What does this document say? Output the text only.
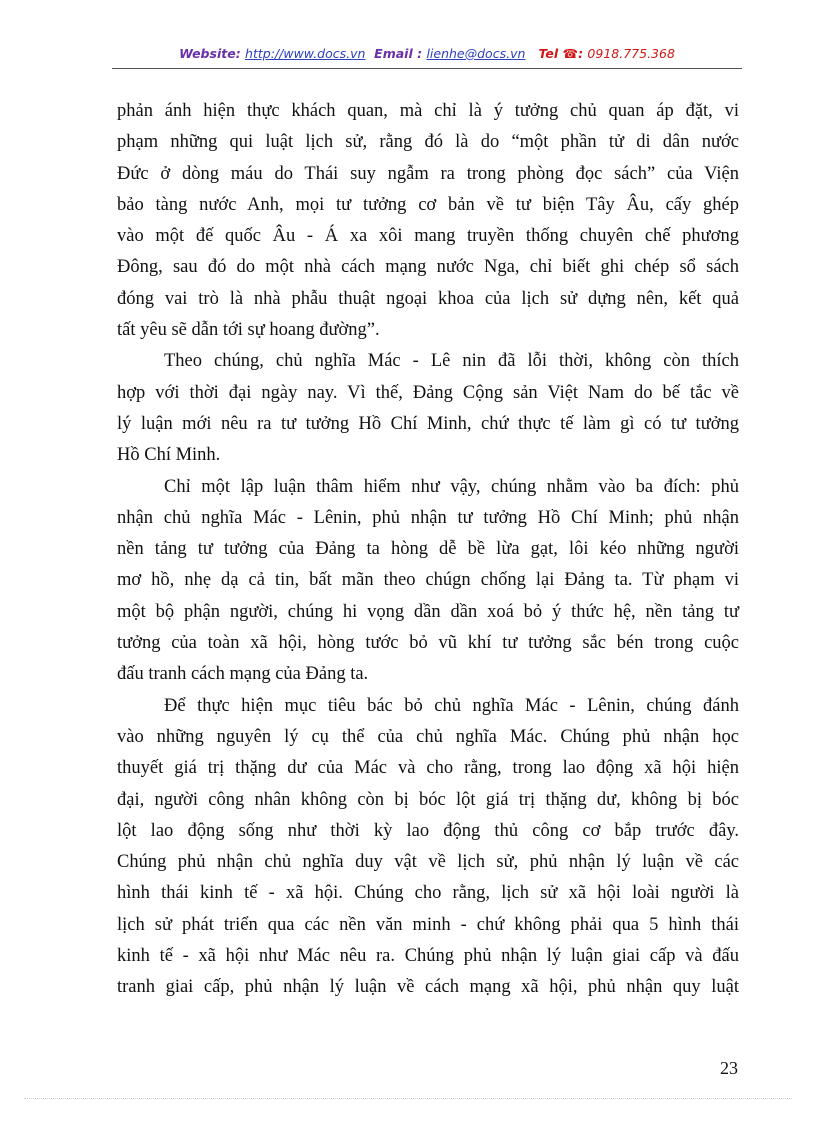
Website: http://www.docs.vn Email : lienhe@docs.vn Tel ☎: 0918.775.368
phản ánh hiện thực khách quan, mà chỉ là ý tưởng chủ quan áp đặt, vi
phạm những qui luật lịch sử, rằng đó là do “một phần tử di dân nước
Đức ở dòng máu do Thái suy ngẫm ra trong phòng đọc sách” của Viện
bảo tàng nước Anh, mọi tư tưởng cơ bản về tư biện Tây Âu, cấy ghép
vào một đế quốc Âu - Á xa xôi mang truyền thống chuyên chế phương
Đông, sau đó do một nhà cách mạng nước Nga, chỉ biết ghi chép sổ sách
đóng vai trò là nhà phẫu thuật ngoại khoa của lịch sử dựng nên, kết quả
tất yêu sẽ dẫn tới sự hoang đường”.
Theo chúng, chủ nghĩa Mác - Lê nin đã lỗi thời, không còn thích
hợp với thời đại ngày nay. Vì thế, Đảng Cộng sản Việt Nam do bế tắc về
lý luận mới nêu ra tư tưởng Hồ Chí Minh, chứ thực tế làm gì có tư tưởng
Hồ Chí Minh.
Chỉ một lập luận thâm hiểm như vậy, chúng nhằm vào ba đích: phủ
nhận chủ nghĩa Mác - Lênin, phủ nhận tư tưởng Hồ Chí Minh; phủ nhận
nền tảng tư tưởng của Đảng ta hòng dễ bề lừa gạt, lôi kéo những người
mơ hồ, nhẹ dạ cả tin, bất mãn theo chúgn chống lại Đảng ta. Từ phạm vi
một bộ phận người, chúng hi vọng dần dần xoá bỏ ý thức hệ, nền tảng tư
tưởng của toàn xã hội, hòng tước bỏ vũ khí tư tưởng sắc bén trong cuộc
đấu tranh cách mạng của Đảng ta.
Để thực hiện mục tiêu bác bỏ chủ nghĩa Mác - Lênin, chúng đánh
vào những nguyên lý cụ thể của chủ nghĩa Mác. Chúng phủ nhận học
thuyết giá trị thặng dư của Mác và cho rằng, trong lao động xã hội hiện
đại, người công nhân không còn bị bóc lột giá trị thặng dư, không bị bóc
lột lao động sống như thời kỳ lao động thủ công cơ bắp trước đây.
Chúng phủ nhận chủ nghĩa duy vật về lịch sử, phủ nhận lý luận về các
hình thái kinh tế - xã hội. Chúng cho rằng, lịch sử xã hội loài người là
lịch sử phát triển qua các nền văn minh - chứ không phải qua 5 hình thái
kinh tế - xã hội như Mác nêu ra. Chúng phủ nhận lý luận giai cấp và đấu
tranh giai cấp, phủ nhận lý luận về cách mạng xã hội, phủ nhận quy luật
23
